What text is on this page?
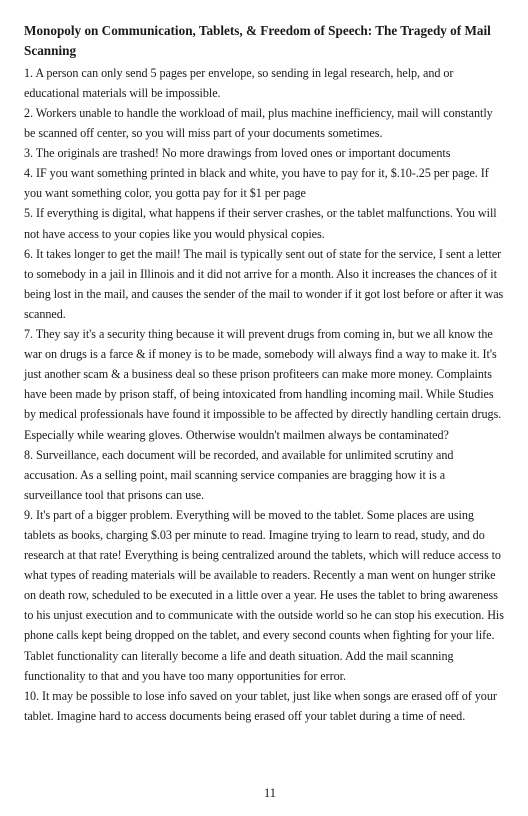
Monopoly on Communication, Tablets, & Freedom of Speech: The Tragedy of Mail Scanning

1. A person can only send 5 pages per envelope, so sending in legal research, help, and or educational materials will be impossible.

2. Workers unable to handle the workload of mail, plus machine inefficiency, mail will constantly be scanned off center, so you will miss part of your documents sometimes.

3. The originals are trashed! No more drawings from loved ones or important documents

4. IF you want something printed in black and white, you have to pay for it, $.10-.25 per page. If you want something color, you gotta pay for it $1 per page

5. If everything is digital, what happens if their server crashes, or the tablet malfunctions. You will not have access to your copies like you would physical copies.

6. It takes longer to get the mail! The mail is typically sent out of state for the service, I sent a letter to somebody in a jail in Illinois and it did not arrive for a month. Also it increases the chances of it being lost in the mail, and causes the sender of the mail to wonder if it got lost before or after it was scanned.

7. They say it's a security thing because it will prevent drugs from coming in, but we all know the war on drugs is a farce & if money is to be made, somebody will always find a way to make it. It's just another scam & a business deal so these prison profiteers can make more money. Complaints have been made by prison staff, of being intoxicated from handling incoming mail. While Studies by medical professionals have found it impossible to be affected by directly handling certain drugs. Especially while wearing gloves. Otherwise wouldn't mailmen always be contaminated?

8. Surveillance, each document will be recorded, and available for unlimited scrutiny and accusation. As a selling point, mail scanning service companies are bragging how it is a surveillance tool that prisons can use.

9. It's part of a bigger problem. Everything will be moved to the tablet. Some places are using tablets as books, charging $.03 per minute to read. Imagine trying to learn to read, study, and do research at that rate! Everything is being centralized around the tablets, which will reduce access to what types of reading materials will be available to readers. Recently a man went on hunger strike on death row, scheduled to be executed in a little over a year. He uses the tablet to bring awareness to his unjust execution and to communicate with the outside world so he can stop his execution. His phone calls kept being dropped on the tablet, and every second counts when fighting for your life. Tablet functionality can literally become a life and death situation. Add the mail scanning functionality to that and you have too many opportunities for error.

10. It may be possible to lose info saved on your tablet, just like when songs are erased off of your tablet. Imagine hard to access documents being erased off your tablet during a time of need.

11
